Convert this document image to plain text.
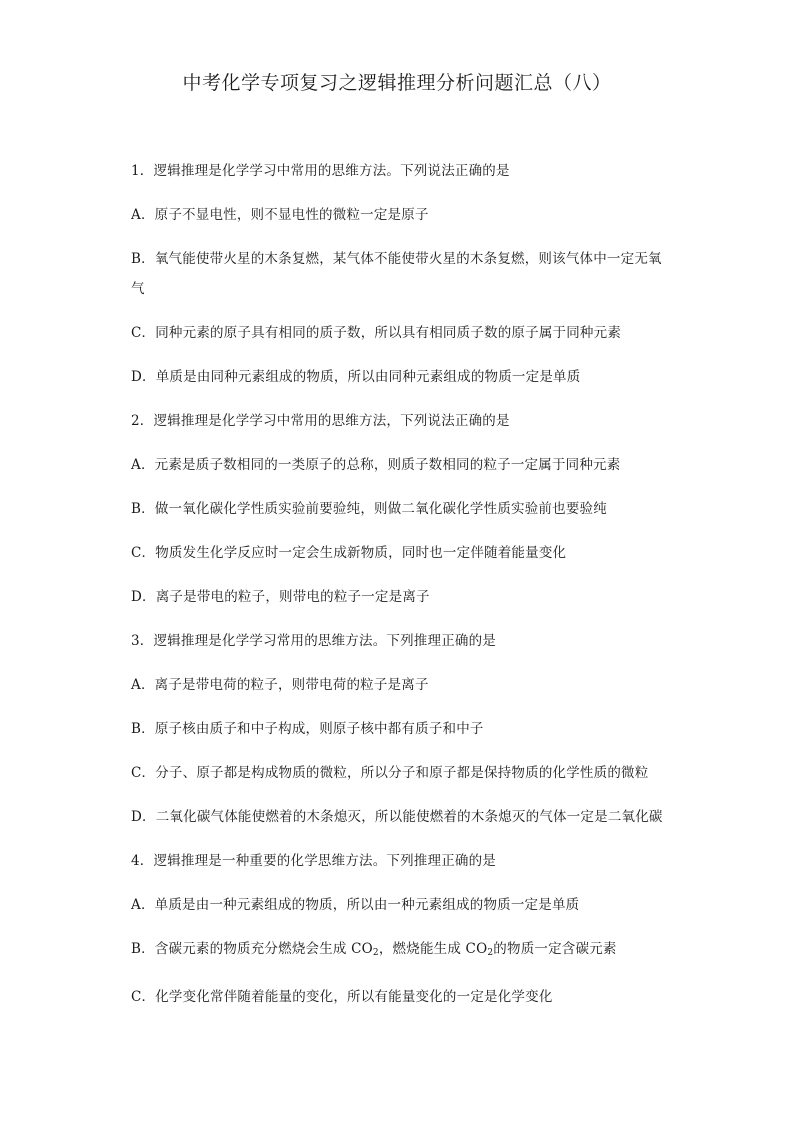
中考化学专项复习之逻辑推理分析问题汇总（八）

1．逻辑推理是化学学习中常用的思维方法。下列说法正确的是

A．原子不显电性，则不显电性的微粒一定是原子

B．氧气能使带火星的木条复燃，某气体不能使带火星的木条复燃，则该气体中一定无氧气

C．同种元素的原子具有相同的质子数，所以具有相同质子数的原子属于同种元素

D．单质是由同种元素组成的物质，所以由同种元素组成的物质一定是单质

2．逻辑推理是化学学习中常用的思维方法，下列说法正确的是

A．元素是质子数相同的一类原子的总称，则质子数相同的粒子一定属于同种元素

B．做一氧化碳化学性质实验前要验纯，则做二氧化碳化学性质实验前也要验纯

C．物质发生化学反应时一定会生成新物质，同时也一定伴随着能量变化

D．离子是带电的粒子，则带电的粒子一定是离子

3．逻辑推理是化学学习常用的思维方法。下列推理正确的是

A．离子是带电荷的粒子，则带电荷的粒子是离子

B．原子核由质子和中子构成，则原子核中都有质子和中子

C．分子、原子都是构成物质的微粒，所以分子和原子都是保持物质的化学性质的微粒

D．二氧化碳气体能使燃着的木条熄灭，所以能使燃着的木条熄灭的气体一定是二氧化碳

4．逻辑推理是一种重要的化学思维方法。下列推理正确的是

A．单质是由一种元素组成的物质，所以由一种元素组成的物质一定是单质

B．含碳元素的物质充分燃烧会生成 $CO_2$，燃烧能生成 $CO_2$的物质一定含碳元素

C．化学变化常伴随着能量的变化，所以有能量变化的一定是化学变化
